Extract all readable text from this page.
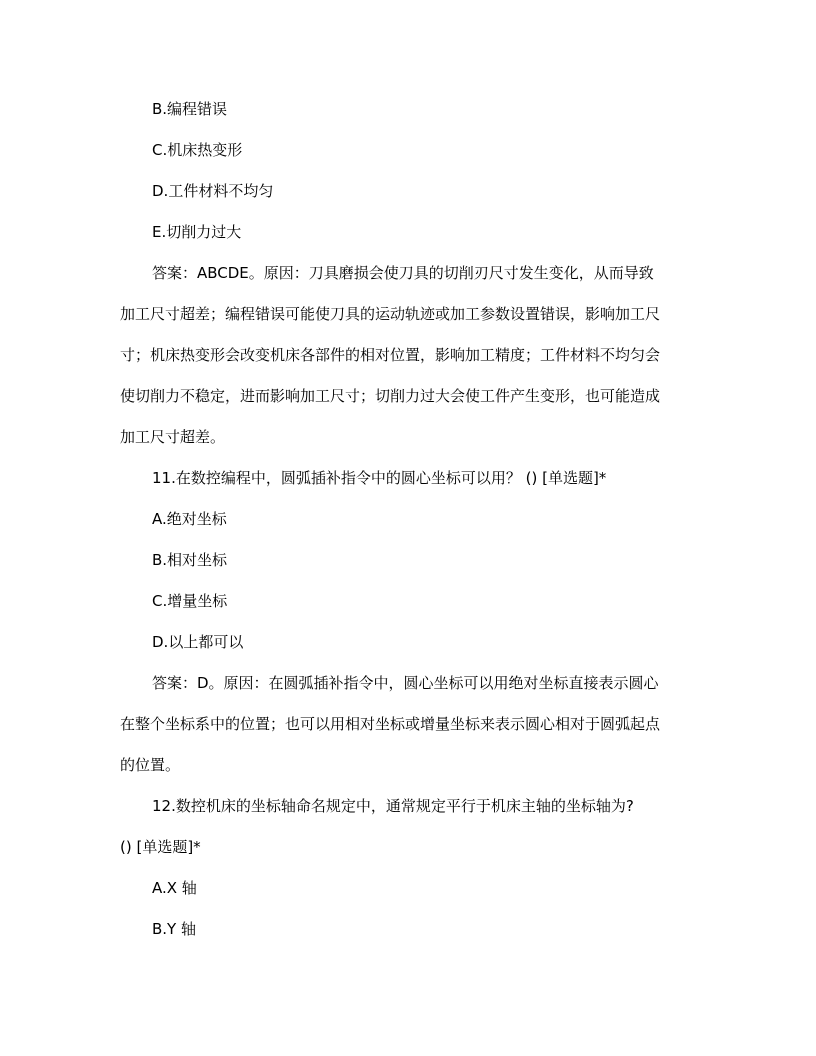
B.编程错误
C.机床热变形
D.工件材料不均匀
E.切削力过大
答案：ABCDE。原因：刀具磨损会使刀具的切削刃尺寸发生变化，从而导致
加工尺寸超差；编程错误可能使刀具的运动轨迹或加工参数设置错误，影响加工尺
寸；机床热变形会改变机床各部件的相对位置，影响加工精度；工件材料不均匀会
使切削力不稳定，进而影响加工尺寸；切削力过大会使工件产生变形，也可能造成
加工尺寸超差。
11.在数控编程中，圆弧插补指令中的圆心坐标可以用？ () [单选题]*
A.绝对坐标
B.相对坐标
C.增量坐标
D.以上都可以
答案：D。原因：在圆弧插补指令中，圆心坐标可以用绝对坐标直接表示圆心
在整个坐标系中的位置；也可以用相对坐标或增量坐标来表示圆心相对于圆弧起点
的位置。
12.数控机床的坐标轴命名规定中，通常规定平行于机床主轴的坐标轴为?
() [单选题]*
A.X 轴
B.Y 轴
